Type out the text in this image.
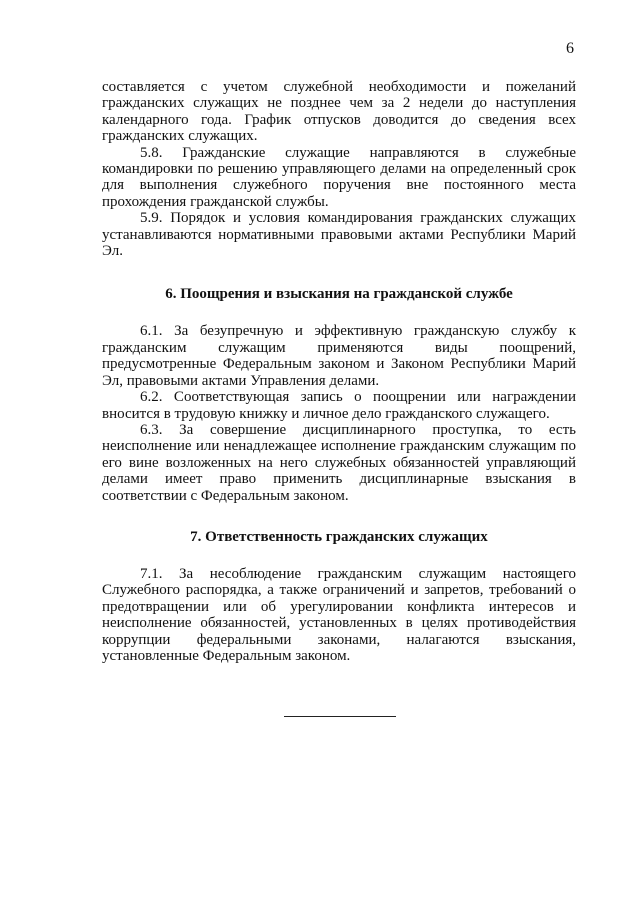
6

составляется с учетом служебной необходимости и пожеланий гражданских служащих не позднее чем за 2 недели до наступления календарного года. График отпусков доводится до сведения всех гражданских служащих.

5.8. Гражданские служащие направляются в служебные командировки по решению управляющего делами на определенный срок для выполнения служебного поручения вне постоянного места прохождения гражданской службы.

5.9. Порядок и условия командирования гражданских служащих устанавливаются нормативными правовыми актами Республики Марий Эл.

6. Поощрения и взыскания на гражданской службе

6.1. За безупречную и эффективную гражданскую службу к гражданским служащим применяются виды поощрений, предусмотренные Федеральным законом и Законом Республики Марий Эл, правовыми актами Управления делами.

6.2. Соответствующая запись о поощрении или награждении вносится в трудовую книжку и личное дело гражданского служащего.

6.3. За совершение дисциплинарного проступка, то есть неисполнение или ненадлежащее исполнение гражданским служащим по его вине возложенных на него служебных обязанностей управляющий делами имеет право применить дисциплинарные взыскания в соответствии с Федеральным законом.

7. Ответственность гражданских служащих

7.1. За несоблюдение гражданским служащим настоящего Служебного распорядка, а также ограничений и запретов, требований о предотвращении или об урегулировании конфликта интересов и неисполнение обязанностей, установленных в целях противодействия коррупции федеральными законами, налагаются взыскания, установленные Федеральным законом.
